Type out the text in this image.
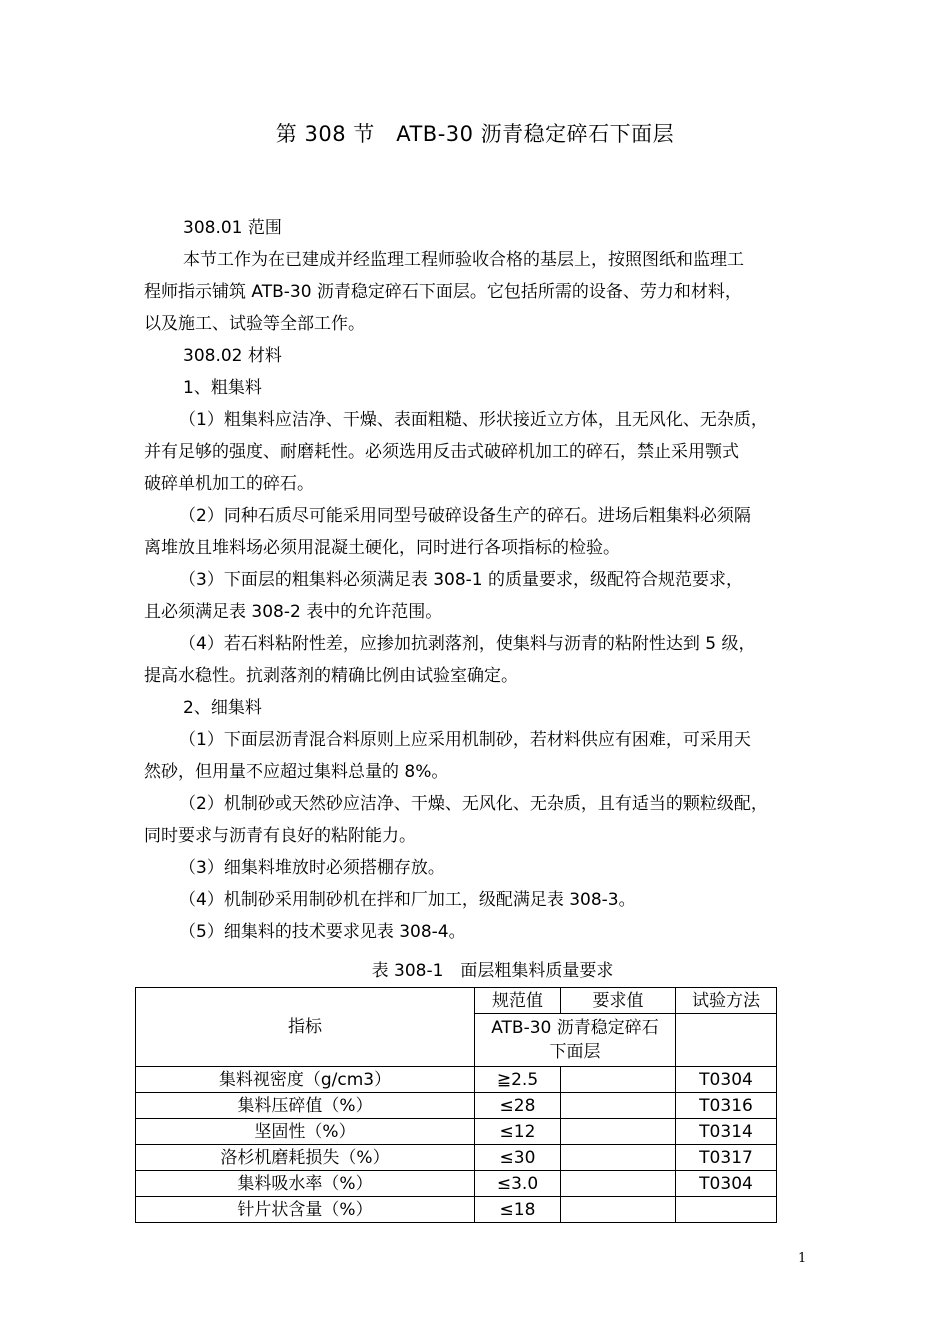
第 308 节　ATB-30 沥青稳定碎石下面层
308.01 范围
本节工作为在已建成并经监理工程师验收合格的基层上，按照图纸和监理工
程师指示铺筑 ATB-30 沥青稳定碎石下面层。它包括所需的设备、劳力和材料，
以及施工、试验等全部工作。
308.02 材料
1、粗集料
（1）粗集料应洁净、干燥、表面粗糙、形状接近立方体，且无风化、无杂质，
并有足够的强度、耐磨耗性。必须选用反击式破碎机加工的碎石，禁止采用颚式
破碎单机加工的碎石。
（2）同种石质尽可能采用同型号破碎设备生产的碎石。进场后粗集料必须隔
离堆放且堆料场必须用混凝土硬化，同时进行各项指标的检验。
（3）下面层的粗集料必须满足表 308-1 的质量要求，级配符合规范要求，
且必须满足表 308-2 表中的允许范围。
（4）若石料粘附性差，应掺加抗剥落剂，使集料与沥青的粘附性达到 5 级，
提高水稳性。抗剥落剂的精确比例由试验室确定。
2、细集料
（1）下面层沥青混合料原则上应采用机制砂，若材料供应有困难，可采用天
然砂，但用量不应超过集料总量的 8%。
（2）机制砂或天然砂应洁净、干燥、无风化、无杂质，且有适当的颗粒级配，
同时要求与沥青有良好的粘附能力。
（3）细集料堆放时必须搭棚存放。
（4）机制砂采用制砂机在拌和厂加工，级配满足表 308-3。
（5）细集料的技术要求见表 308-4。
表 308-1　面层粗集料质量要求
指标	规范值	要求值	试验方法
	ATB-30 沥青稳定碎石下面层		
集料视密度（g/cm3）	≧2.5		T0304
集料压碎值（%）	≤28		T0316
坚固性（%）	≤12		T0314
洛杉机磨耗损失（%）	≤30		T0317
集料吸水率（%）	≤3.0		T0304
针片状含量（%）	≤18		
1
